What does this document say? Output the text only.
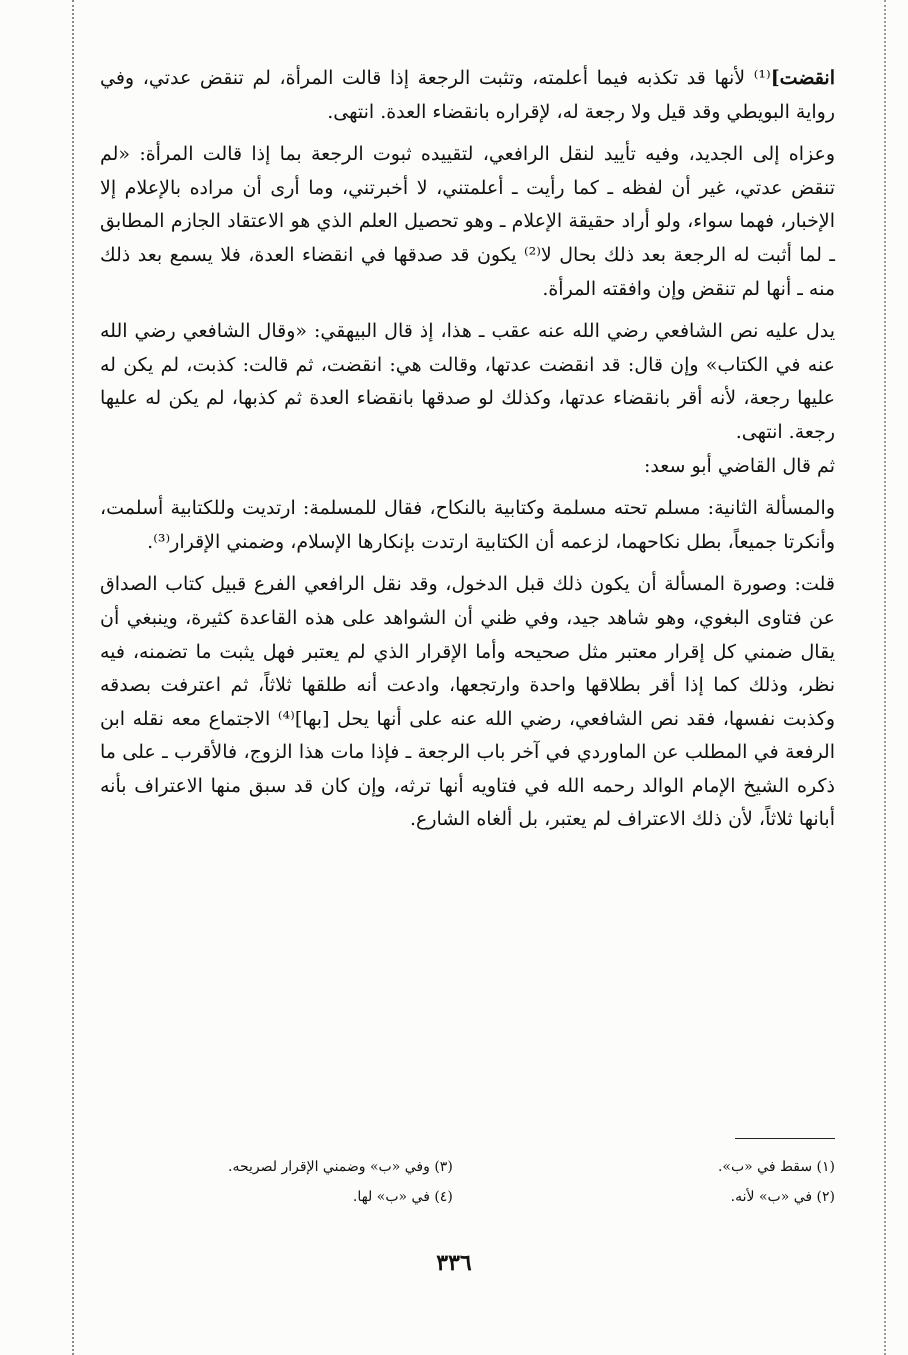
انقضت]⁽¹⁾ لأنها قد تكذبه فيما أعلمته، وتثبت الرجعة إذا قالت المرأة، لم تنقض عدتي، وفي رواية البويطي وقد قيل ولا رجعة له، لإقراره بانقضاء العدة. انتهى.

وعزاه إلى الجديد، وفيه تأييد لنقل الرافعي، لتقييده ثبوت الرجعة بما إذا قالت المرأة: «لم تنقض عدتي، غير أن لفظه ـ كما رأيت ـ أعلمتني، لا أخبرتني، وما أرى أن مراده بالإعلام إلا الإخبار، فهما سواء، ولو أراد حقيقة الإعلام ـ وهو تحصيل العلم الذي هو الاعتقاد الجازم المطابق ـ لما أثبت له الرجعة بعد ذلك بحال لا⁽²⁾ يكون قد صدقها في انقضاء العدة، فلا يسمع بعد ذلك منه ـ أنها لم تنقض وإن وافقته المرأة.

يدل عليه نص الشافعي رضي الله عنه عقب ـ هذا، إذ قال البيهقي: «وقال الشافعي رضي الله عنه في الكتاب» وإن قال: قد انقضت عدتها، وقالت هي: انقضت، ثم قالت: كذبت، لم يكن له عليها رجعة، لأنه أقر بانقضاء عدتها، وكذلك لو صدقها بانقضاء العدة ثم كذبها، لم يكن له عليها رجعة. انتهى.

ثم قال القاضي أبو سعد:

والمسألة الثانية: مسلم تحته مسلمة وكتابية بالنكاح، فقال للمسلمة: ارتديت وللكتابية أسلمت، وأنكرتا جميعاً، بطل نكاحهما، لزعمه أن الكتابية ارتدت بإنكارها الإسلام، وضمني الإقرار⁽³⁾.

قلت: وصورة المسألة أن يكون ذلك قبل الدخول، وقد نقل الرافعي الفرع قبيل كتاب الصداق عن فتاوى البغوي، وهو شاهد جيد، وفي ظني أن الشواهد على هذه القاعدة كثيرة، وينبغي أن يقال ضمني كل إقرار معتبر مثل صحيحه وأما الإقرار الذي لم يعتبر فهل يثبت ما تضمنه، فيه نظر، وذلك كما إذا أقر بطلاقها واحدة وارتجعها، وادعت أنه طلقها ثلاثاً، ثم اعترفت بصدقه وكذبت نفسها، فقد نص الشافعي، رضي الله عنه على أنها يحل [بها]⁽⁴⁾ الاجتماع معه نقله ابن الرفعة في المطلب عن الماوردي في آخر باب الرجعة ـ فإذا مات هذا الزوج، فالأقرب ـ على ما ذكره الشيخ الإمام الوالد رحمه الله في فتاويه أنها ترثه، وإن كان قد سبق منها الاعتراف بأنه أبانها ثلاثاً، لأن ذلك الاعتراف لم يعتبر، بل ألغاه الشارع.

(١) سقط في «ب».
(٣) وفي «ب» وضمني الإقرار لصريحه.
(٢) في «ب» لأنه.
(٤) في «ب» لها.
٣٣٦
